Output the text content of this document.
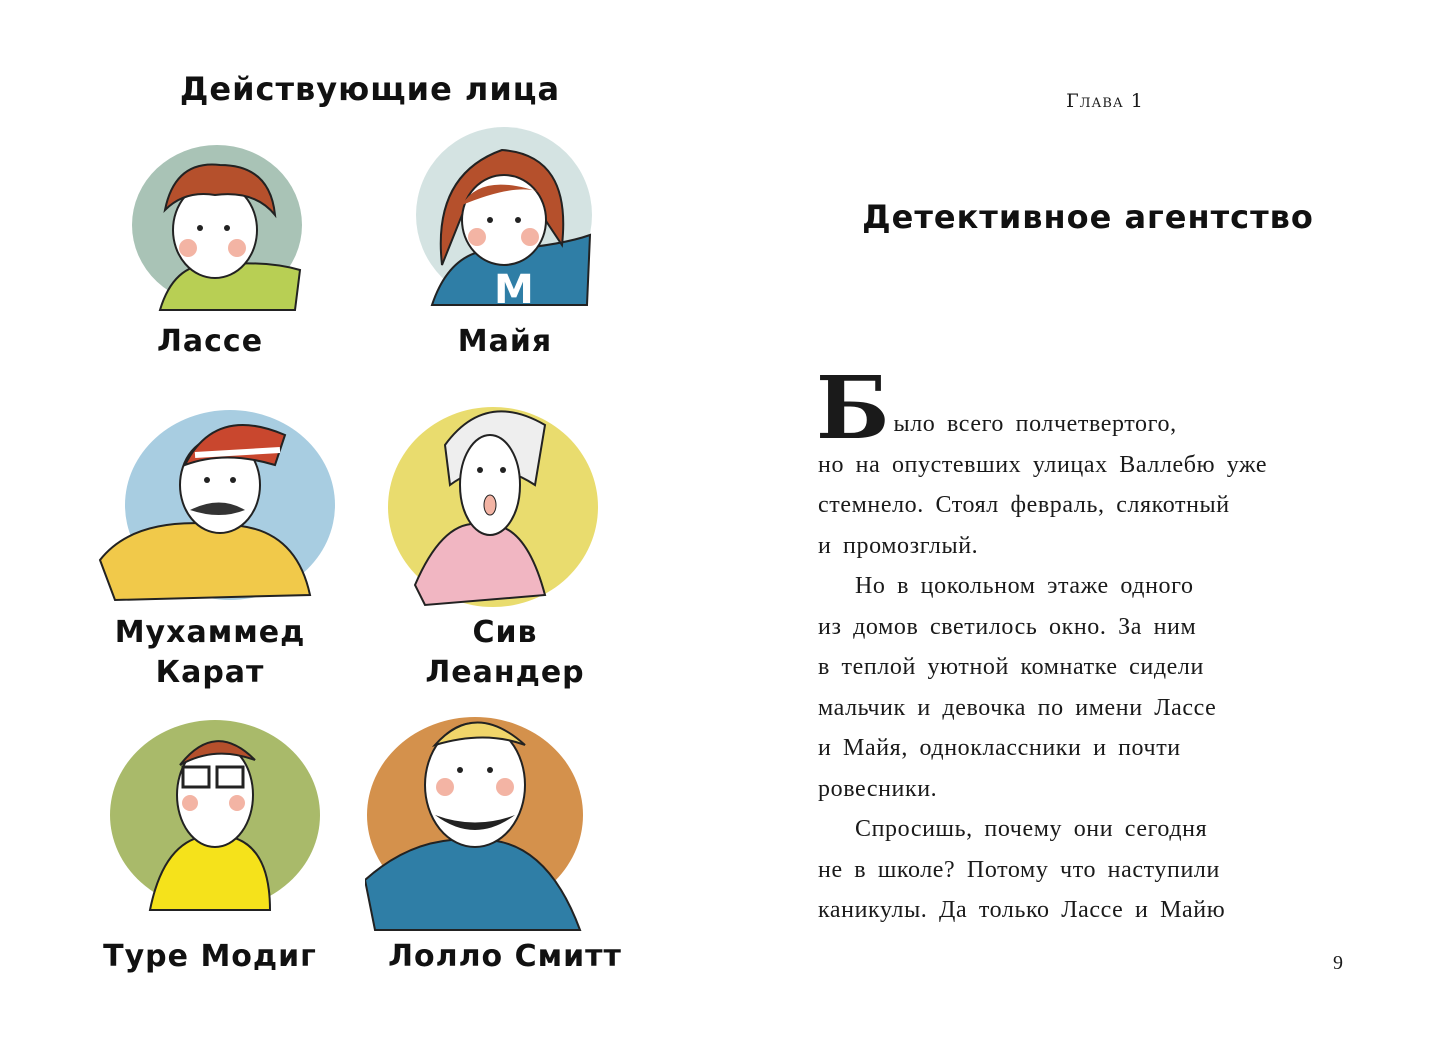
Действующие лица
M
Лассе	Майя
Мухаммед
Карат
Сив
Леандер
Туре Модиг Лолло Смитт
Глава 1
Детективное агентство
Б ыло всего полчетвертого,
но на опустевших улицах Валлебю уже
стемнело. Стоял февраль, слякотный
и промозглый.
Но в цокольном этаже одного
из домов светилось окно. За ним
в теплой уютной комнатке сидели
мальчик и девочка по имени Лассе
и Майя, одноклассники и почти
ровесники.
Спросишь, почему они сегодня
не в школе? Потому что наступили
каникулы. Да только Лассе и Майю
9
